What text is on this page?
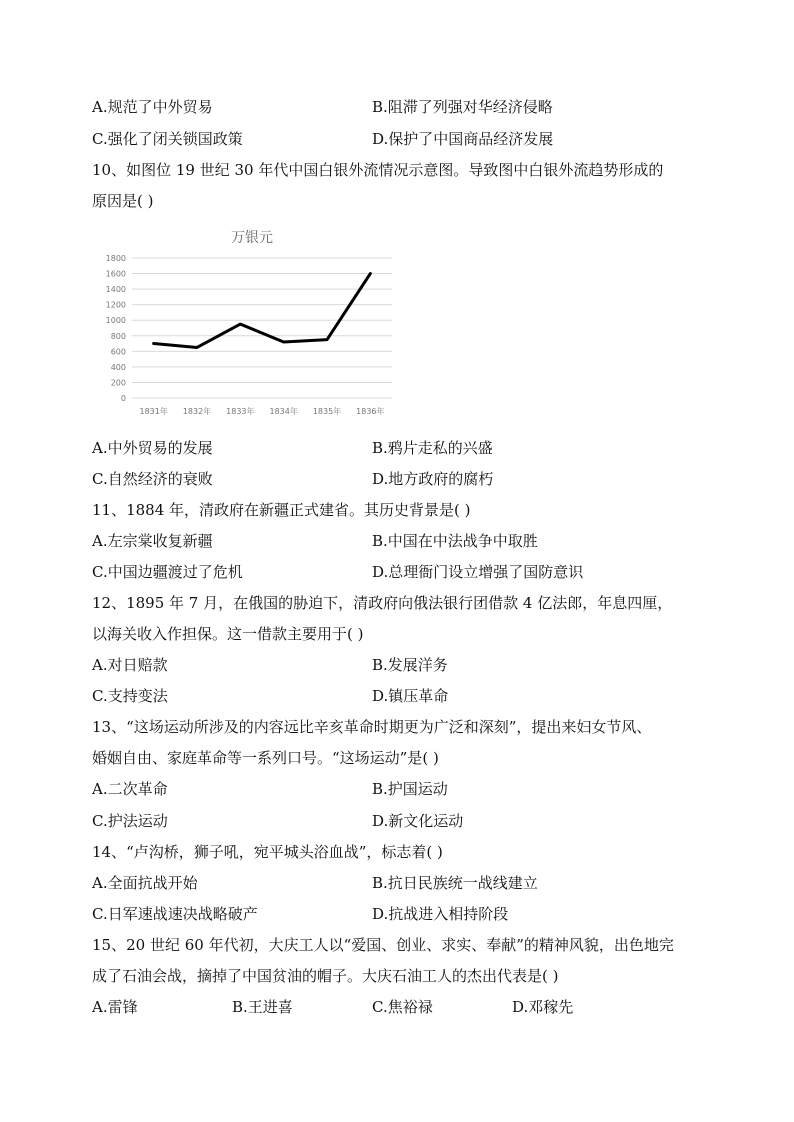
A.规范了中外贸易	B.阻滞了列强对华经济侵略
C.强化了闭关锁国政策	D.保护了中国商品经济发展
10、如图位 19 世纪 30 年代中国白银外流情况示意图。导致图中白银外流趋势形成的
原因是( )
万银元
0
200
400
600
800
1000
1200
1400
1600
1800
1831年 1832年 1833年 1834年 1835年 1836年
A.中外贸易的发展	B.鸦片走私的兴盛
C.自然经济的衰败	D.地方政府的腐朽
11、1884 年，清政府在新疆正式建省。其历史背景是( )
A.左宗棠收复新疆	B.中国在中法战争中取胜
C.中国边疆渡过了危机	D.总理衙门设立增强了国防意识
12、1895 年 7 月，在俄国的胁迫下，清政府向俄法银行团借款 4 亿法郎，年息四厘，
以海关收入作担保。这一借款主要用于( )
A.对日赔款	B.发展洋务
C.支持变法	D.镇压革命
13、“这场运动所涉及的内容远比辛亥革命时期更为广泛和深刻”，提出来妇女节风、
婚姻自由、家庭革命等一系列口号。“这场运动”是( )
A.二次革命	B.护国运动
C.护法运动	D.新文化运动
14、“卢沟桥，狮子吼，宛平城头浴血战”，标志着( )
A.全面抗战开始	B.抗日民族统一战线建立
C.日军速战速决战略破产	D.抗战进入相持阶段
15、20 世纪 60 年代初，大庆工人以“爱国、创业、求实、奉献”的精神风貌，出色地完
成了石油会战，摘掉了中国贫油的帽子。大庆石油工人的杰出代表是( )
A.雷锋	B.王进喜	C.焦裕禄	D.邓稼先
